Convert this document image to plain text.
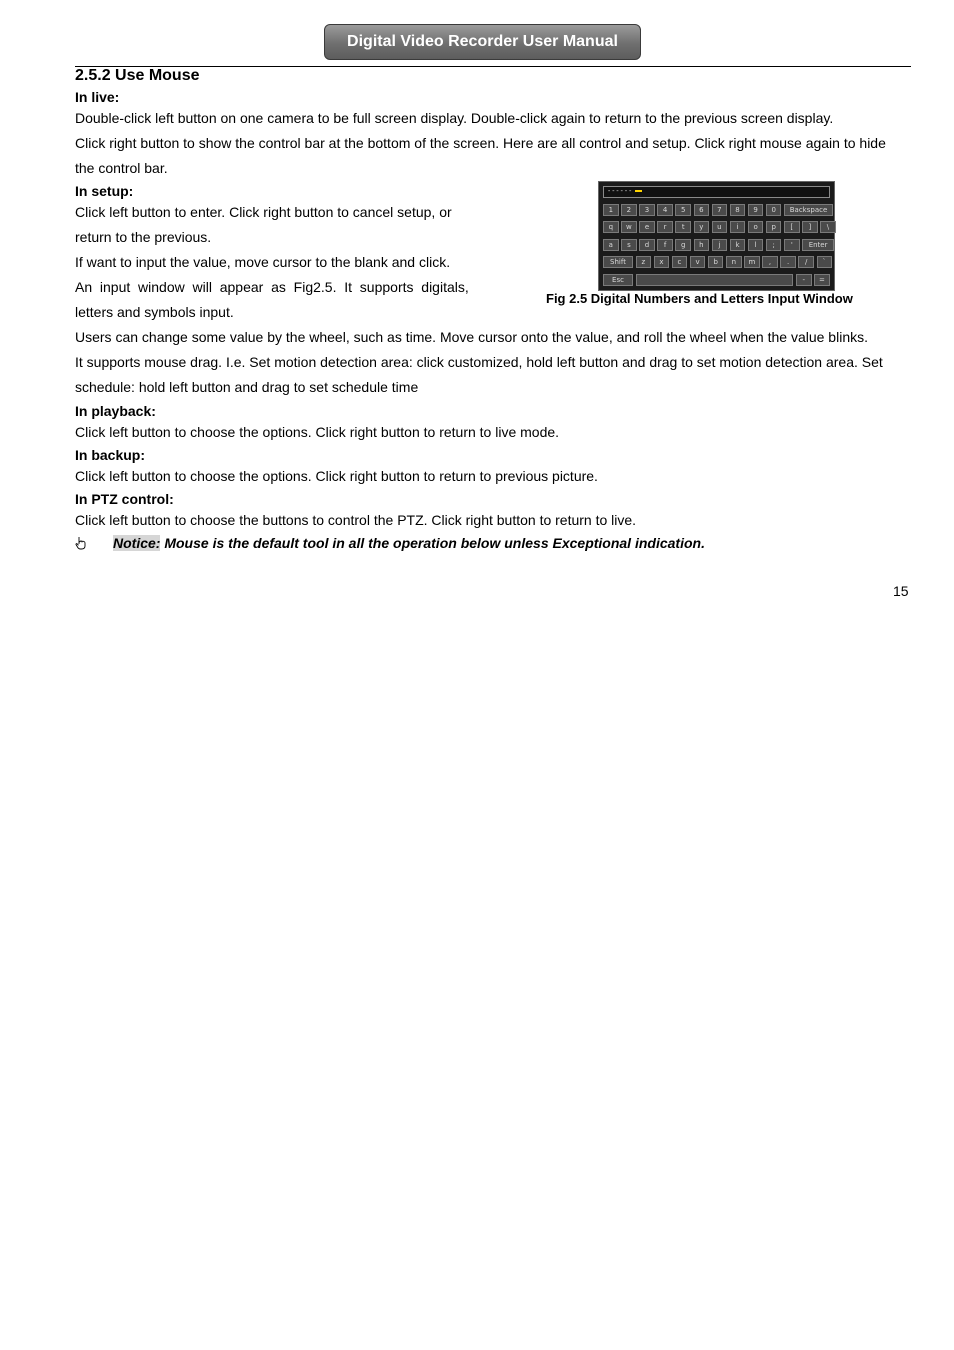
Digital Video Recorder User Manual
2.5.2 Use Mouse
In live:
Double-click left button on one camera to be full screen display. Double-click again to return to the previous screen display.
Click right button to show the control bar at the bottom of the screen. Here are all control and setup. Click right mouse again to hide
the control bar.
In setup:
Click left button to enter. Click right button to cancel setup, or
return to the previous.
If want to input the value, move cursor to the blank and click.
An  input  window  will  appear  as  Fig2.5.  It  supports  digitals,
letters and symbols input.
------
1	2	3	4	5	6	7	8	9	0	Backspace
q	w	e	r	t	y	u	i	o	p	[	]	\
a	s	d	f	g	h	j	k	l	;	'	Enter
Shift	z	x	c	v	b	n	m	,	.	/	`
Esc	-	=
Fig 2.5 Digital Numbers and Letters Input Window
Users can change some value by the wheel, such as time. Move cursor onto the value, and roll the wheel when the value blinks.
It supports mouse drag. I.e. Set motion detection area: click customized, hold left button and drag to set motion detection area. Set
schedule: hold left button and drag to set schedule time
In playback:
Click left button to choose the options. Click right button to return to live mode.
In backup:
Click left button to choose the options. Click right button to return to previous picture.
In PTZ control:
Click left button to choose the buttons to control the PTZ. Click right button to return to live.
Notice: Mouse is the default tool in all the operation below unless Exceptional indication.
15
